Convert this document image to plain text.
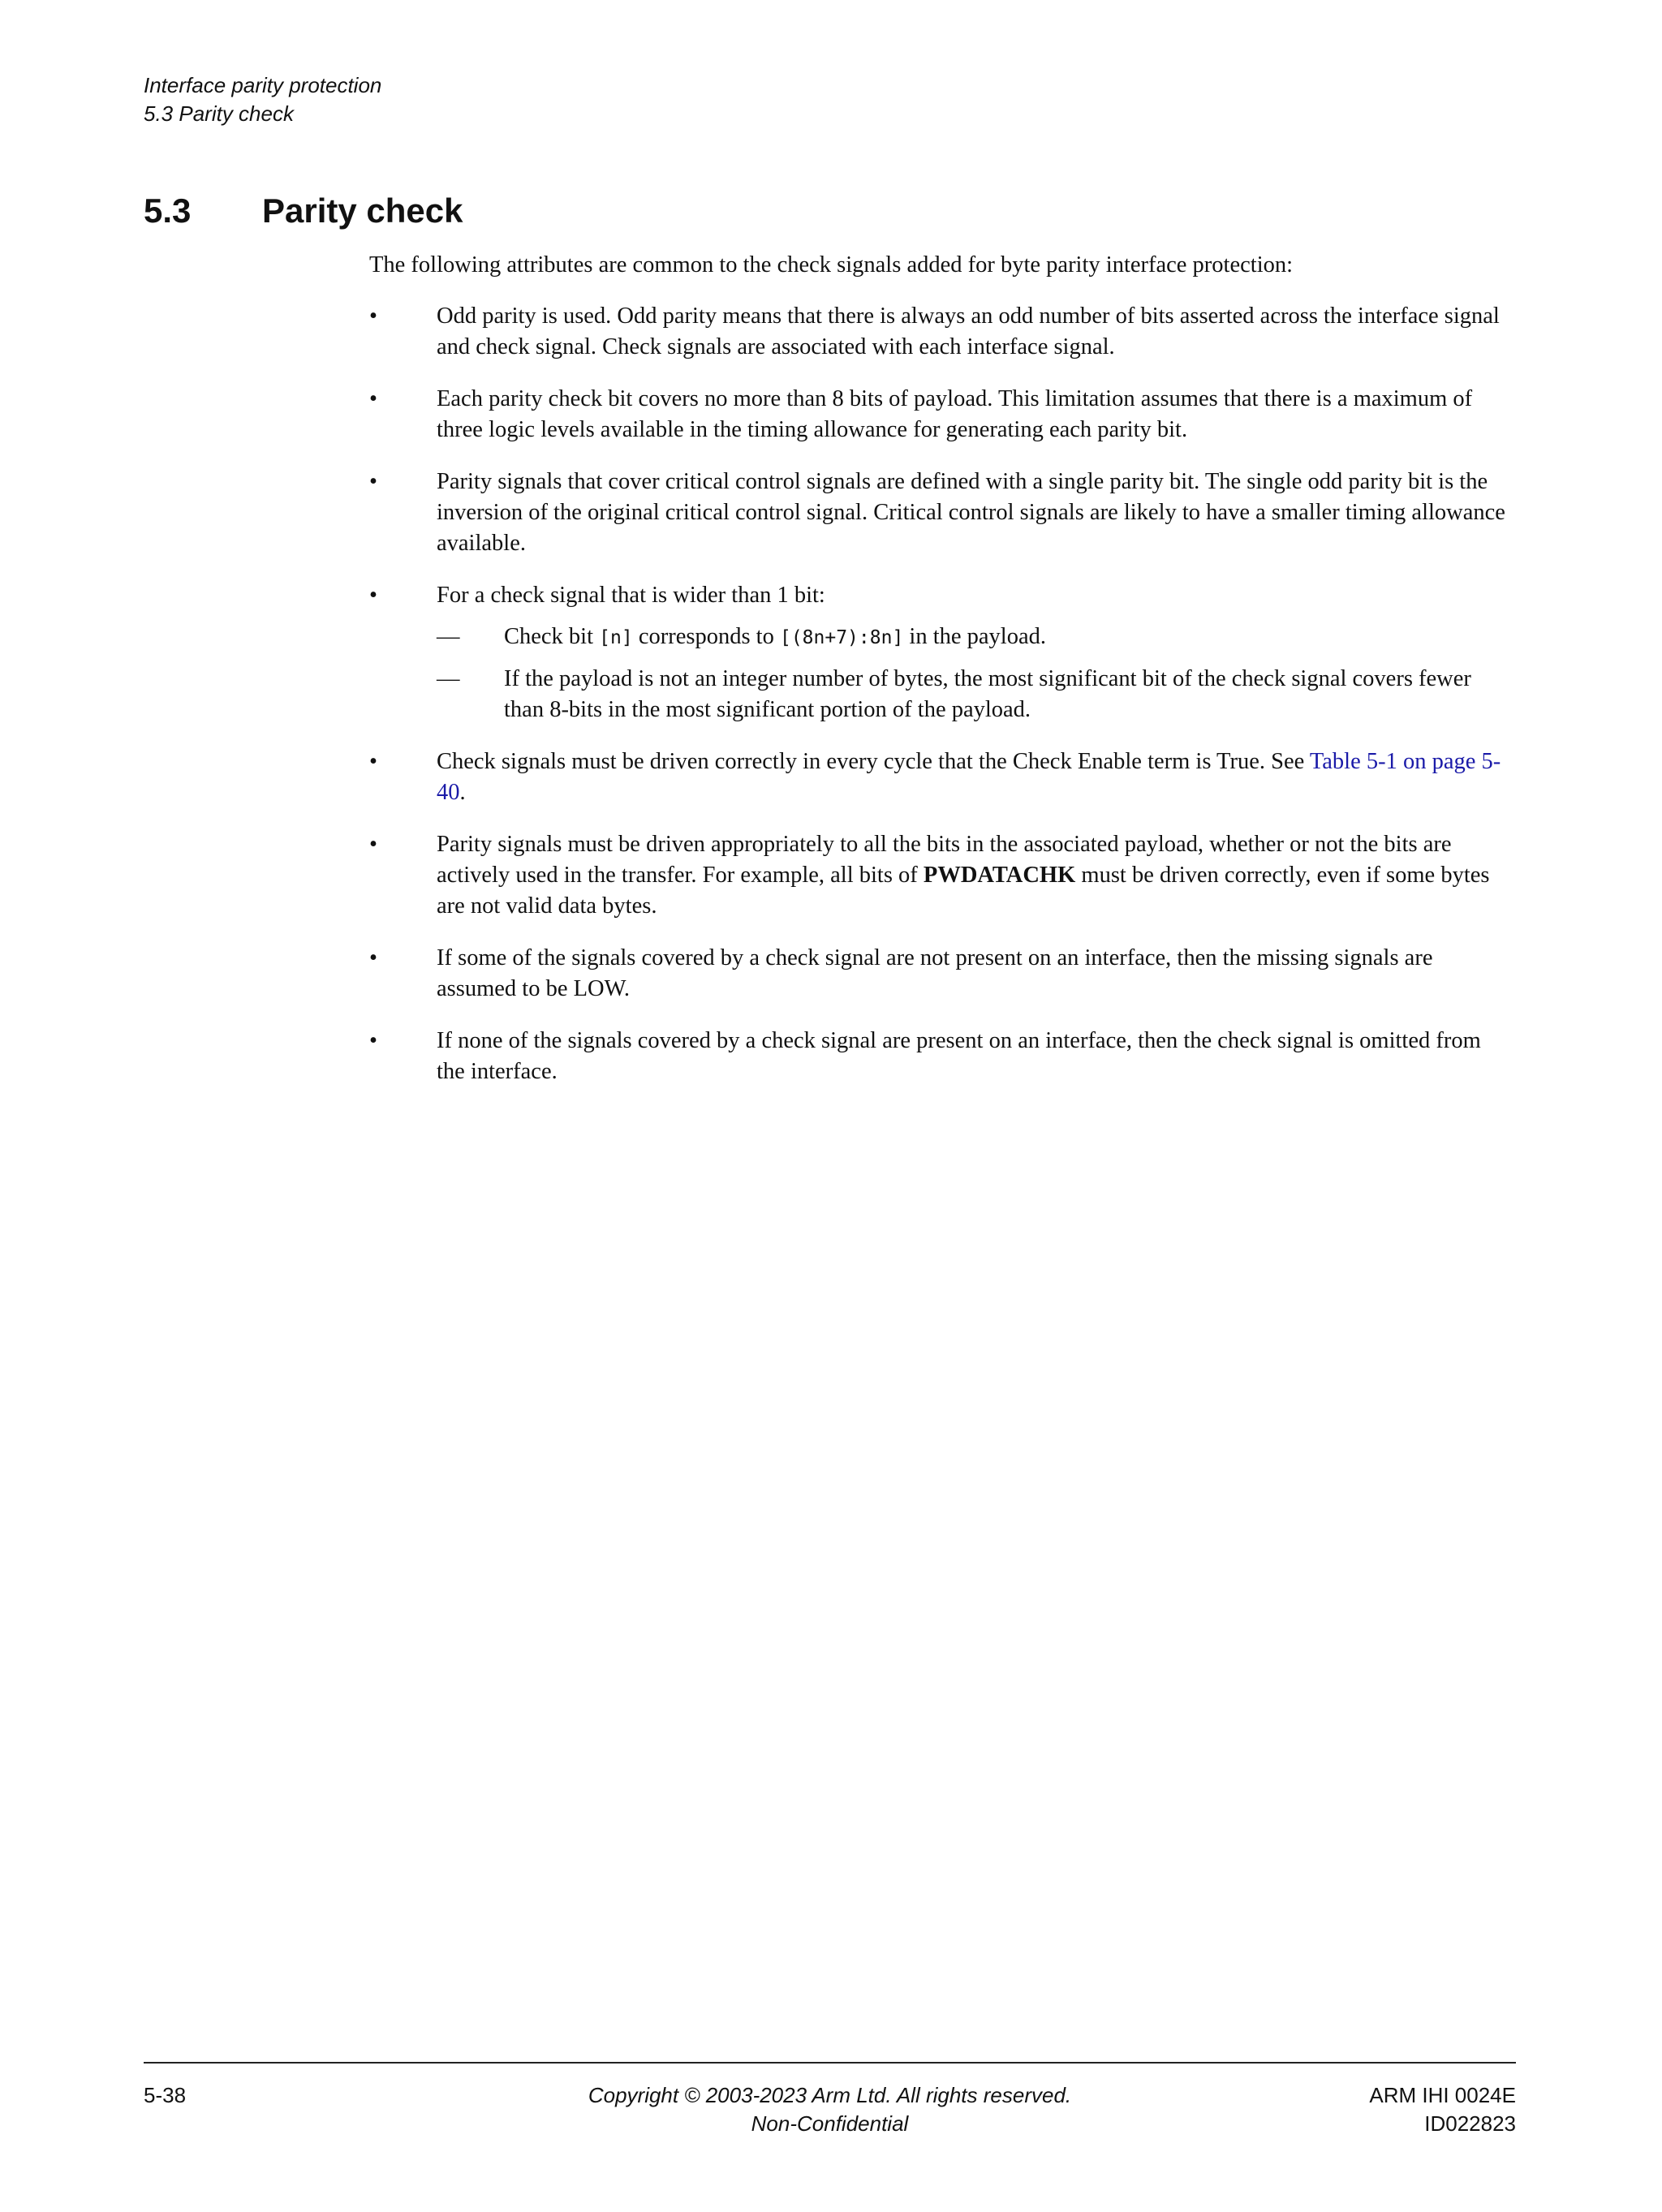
Interface parity protection
5.3 Parity check
5.3 Parity check

The following attributes are common to the check signals added for byte parity interface protection:

•	Odd parity is used. Odd parity means that there is always an odd number of bits asserted across the interface signal and check signal. Check signals are associated with each interface signal.
•	Each parity check bit covers no more than 8 bits of payload. This limitation assumes that there is a maximum of three logic levels available in the timing allowance for generating each parity bit.
•	Parity signals that cover critical control signals are defined with a single parity bit. The single odd parity bit is the inversion of the original critical control signal. Critical control signals are likely to have a smaller timing allowance available.
•	For a check signal that is wider than 1 bit:
— Check bit [n] corresponds to [(8n+7):8n] in the payload.
— If the payload is not an integer number of bytes, the most significant bit of the check signal covers fewer than 8-bits in the most significant portion of the payload.
•	Check signals must be driven correctly in every cycle that the Check Enable term is True. See Table 5-1 on page 5-40.
•	Parity signals must be driven appropriately to all the bits in the associated payload, whether or not the bits are actively used in the transfer. For example, all bits of PWDATACHK must be driven correctly, even if some bytes are not valid data bytes.
•	If some of the signals covered by a check signal are not present on an interface, then the missing signals are assumed to be LOW.
•	If none of the signals covered by a check signal are present on an interface, then the check signal is omitted from the interface.
5-38	Copyright © 2003-2023 Arm Ltd. All rights reserved.
Non-Confidential
ARM IHI 0024E
ID022823
